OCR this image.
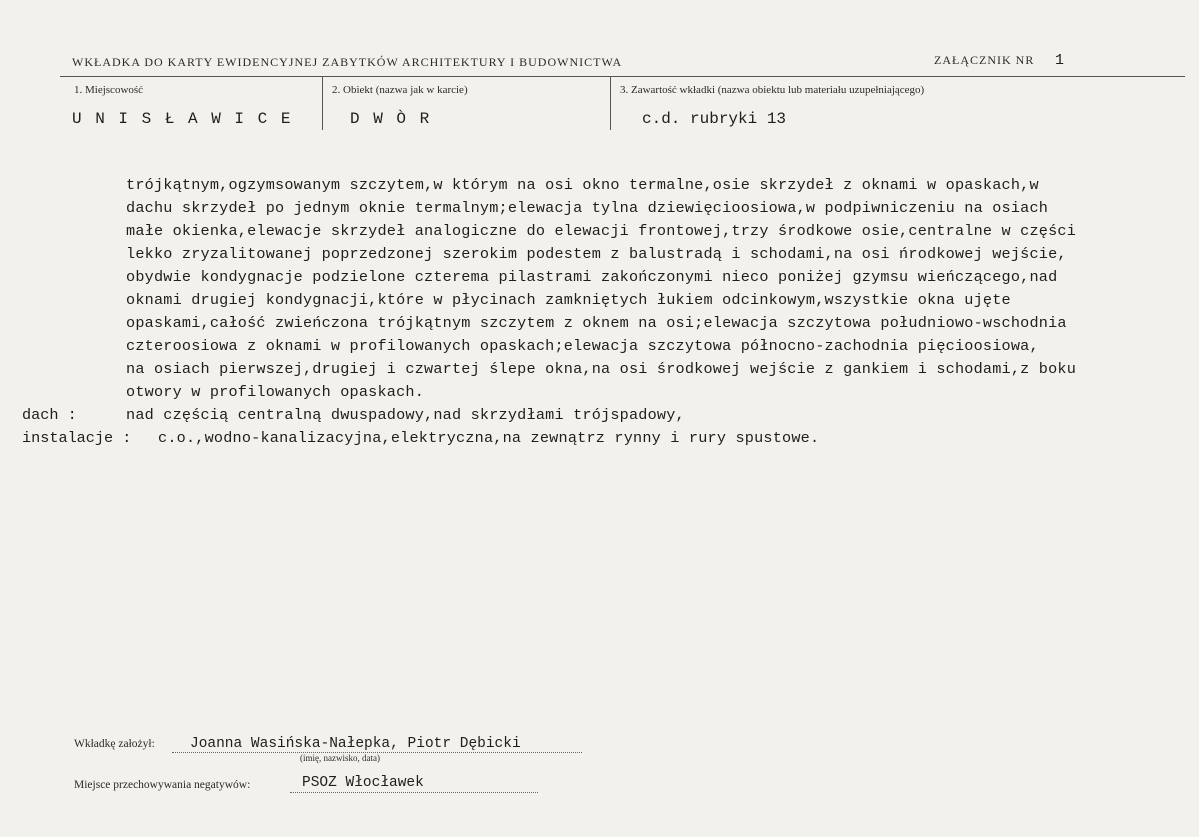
WKŁADKA DO KARTY EWIDENCYJNEJ ZABYTKÓW ARCHITEKTURY I BUDOWNICTWA	ZAŁĄCZNIK NR 1
1. Miejscowość	2. Obiekt (nazwa jak w karcie)	3. Zawartość wkładki (nazwa obiektu lub materiału uzupełniającego)
U N I S Ł A W I C E	D W Ò R	c.d. rubryki 13
trójkątnym,ogzymsowanym szczytem,w którym na osi okno termalne,osie skrzydeł z oknami w opaskach,w
dachu skrzydeł po jednym oknie termalnym;elewacja tylna dziewięcioosiowa,w podpiwniczeniu na osiach
małe okienka,elewacje skrzydeł analogiczne do elewacji frontowej,trzy środkowe osie,centralne w części
lekko zryzalitowanej poprzedzonej szerokim podestem z balustradą i schodami,na osi ńrodkowej wejście,
obydwie kondygnacje podzielone czterema pilastrami zakończonymi nieco poniżej gzymsu wieńczącego,nad
oknami drugiej kondygnacji,które w płycinach zamkniętych łukiem odcinkowym,wszystkie okna ujęte
opaskami,całość zwieńczona trójkątnym szczytem z oknem na osi;elewacja szczytowa południowo-wschodnia
czteroosiowa z oknami w profilowanych opaskach;elewacja szczytowa północno-zachodnia pięcioosiowa,
na osiach pierwszej,drugiej i czwartej ślepe okna,na osi środkowej wejście z gankiem i schodami,z boku
otwory w profilowanych opaskach.
dach :	nad częścią centralną dwuspadowy,nad skrzydłami trójspadowy,
instalacje : c.o.,wodno-kanalizacyjna,elektryczna,na zewnątrz rynny i rury spustowe.
Wkładkę założył: Joanna Wasińska-Nałepka, Piotr Dębicki
(imię, nazwisko, data)
Miejsce przechowywania negatywów:	PSOZ Włocławek
